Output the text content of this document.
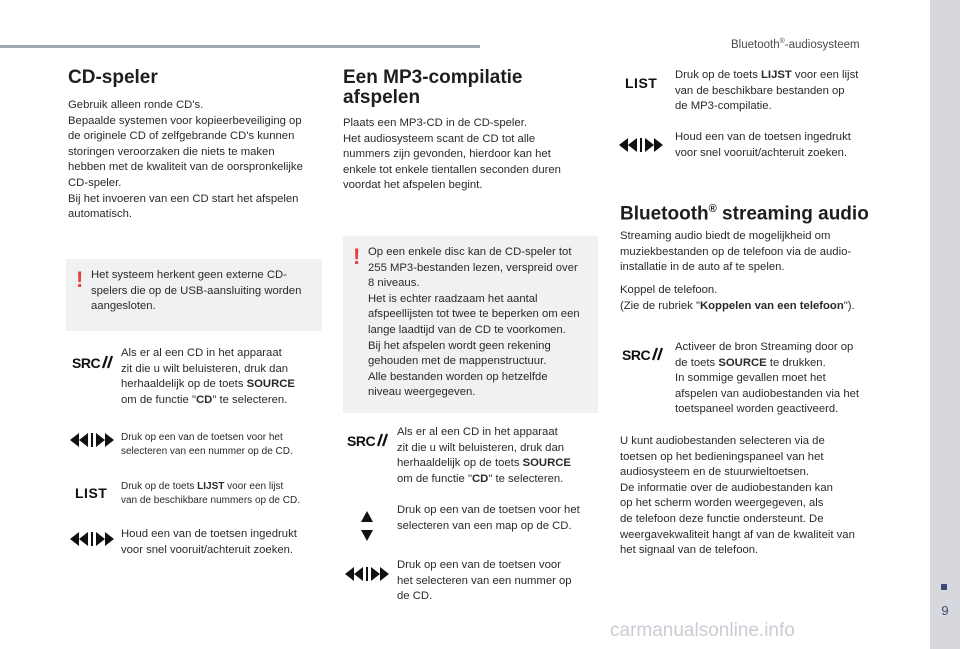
Bluetooth®-audiosysteem
9
CD-speler
Gebruik alleen ronde CD's.
Bepaalde systemen voor kopieerbeveiliging op
de originele CD of zelfgebrande CD's kunnen
storingen veroorzaken die niets te maken
hebben met de kwaliteit van de oorspronkelijke
CD-speler.
Bij het invoeren van een CD start het afspelen
automatisch.
! Het systeem herkent geen externe CD-
spelers die op de USB-aansluiting worden
aangesloten.
SRC
Als er al een CD in het apparaat
zit die u wilt beluisteren, druk dan
herhaaldelijk op de toets SOURCE
om de functie "CD" te selecteren.
Druk op een van de toetsen voor het
selecteren van een nummer op de CD.
LIST Druk op de toets LIJST voor een lijst
van de beschikbare nummers op de CD.
Houd een van de toetsen ingedrukt
voor snel vooruit/achteruit zoeken.
Een MP3-compilatie
afspelen
Plaats een MP3-CD in de CD-speler.
Het audiosysteem scant de CD tot alle
nummers zijn gevonden, hierdoor kan het
enkele tot enkele tientallen seconden duren
voordat het afspelen begint.
! Op een enkele disc kan de CD-speler tot
255 MP3-bestanden lezen, verspreid over
8 niveaus.
Het is echter raadzaam het aantal
afspeellijsten tot twee te beperken om een
lange laadtijd van de CD te voorkomen.
Bij het afspelen wordt geen rekening
gehouden met de mappenstructuur.
Alle bestanden worden op hetzelfde
niveau weergegeven.
SRC
Als er al een CD in het apparaat
zit die u wilt beluisteren, druk dan
herhaaldelijk op de toets SOURCE
om de functie "CD" te selecteren.
Druk op een van de toetsen voor het
selecteren van een map op de CD.
Druk op een van de toetsen voor
het selecteren van een nummer op
de CD.
LIST Druk op de toets LIJST voor een lijst
van de beschikbare bestanden op
de MP3-compilatie.
Houd een van de toetsen ingedrukt
voor snel vooruit/achteruit zoeken.
Bluetooth® streaming audio
Streaming audio biedt de mogelijkheid om
muziekbestanden op de telefoon via de audio-
installatie in de auto af te spelen.
Koppel de telefoon.
(Zie de rubriek "Koppelen van een telefoon").
SRC	Activeer de bron Streaming door op
de toets SOURCE te drukken.
In sommige gevallen moet het
afspelen van audiobestanden via het
toetspaneel worden geactiveerd.
U kunt audiobestanden selecteren via de
toetsen op het bedieningspaneel van het
audiosysteem en de stuurwieltoetsen.
De informatie over de audiobestanden kan
op het scherm worden weergegeven, als
de telefoon deze functie ondersteunt. De
weergavekwaliteit hangt af van de kwaliteit van
het signaal van de telefoon.
carmanualsonline.info
